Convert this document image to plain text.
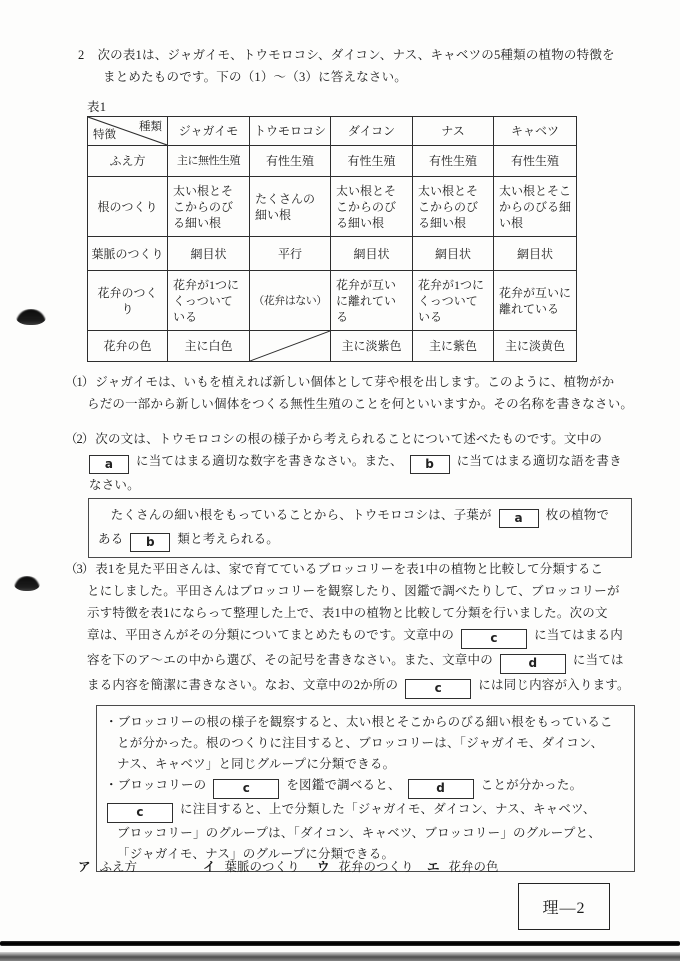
2 次の表1は、ジャガイモ、トウモロコシ、ダイコン、ナス、キャベツの5種類の植物の特徴を
まとめたものです。下の（1）～（3）に答えなさい。
表1
種類
特徴	ジャガイモ	トウモロコシ	ダイコン	ナス	キャベツ
ふえ方	主に無性生殖	有性生殖	有性生殖	有性生殖	有性生殖
根のつくり	太い根とそこからのびる細い根	たくさんの細い根	太い根とそこからのびる細い根	太い根とそこからのびる細い根	太い根とそこからのびる細い根
葉脈のつくり	網目状	平行	網目状	網目状	網目状
花弁のつくり	花弁が1つにくっついている	（花弁はない）	花弁が互いに離れている	花弁が1つにくっついている	花弁が互いに離れている
花弁の色	主に白色		主に淡紫色	主に紫色	主に淡黄色
（1） ジャガイモは、いもを植えれば新しい個体として芽や根を出します。このように、植物がか
らだの一部から新しい個体をつくる無性生殖のことを何といいますか。その名称を書きなさい。
（2） 次の文は、トウモロコシの根の様子から考えられることについて述べたものです。文中の
a に当てはまる適切な数字を書きなさい。また、 b に当てはまる適切な語を書き
なさい。
　たくさんの細い根をもっていることから、トウモロコシは、子葉が a 枚の植物で
ある b 類と考えられる。
（3） 表1を見た平田さんは、家で育てているブロッコリーを表1中の植物と比較して分類するこ
とにしました。平田さんはブロッコリーを観察したり、図鑑で調べたりして、ブロッコリーが
示す特徴を表1にならって整理した上で、表1中の植物と比較して分類を行いました。次の文
章は、平田さんがその分類についてまとめたものです。文章中の	c	に当てはまる内
容を下のア～エの中から選び、その記号を書きなさい。また、文章中の	d	に当ては
まる内容を簡潔に書きなさい。なお、文章中の2か所の	c	には同じ内容が入ります。
・ブロッコリーの根の様子を観察すると、太い根とそこからのびる細い根をもっているこ
とが分かった。根のつくりに注目すると、ブロッコリーは、「ジャガイモ、ダイコン、
ナス、キャベツ」と同じグループに分類できる。
・ブロッコリーの	c	を図鑑で調べると、	d	ことが分かった。
c	に注目すると、上で分類した「ジャガイモ、ダイコン、ナス、キャベツ、
ブロッコリー」のグループは、「ダイコン、キャベツ、ブロッコリー」のグループと、
「ジャガイモ、ナス」のグループに分類できる。
ア ふえ方	イ 葉脈のつくり ウ 花弁のつくり エ 花弁の色
理—2
